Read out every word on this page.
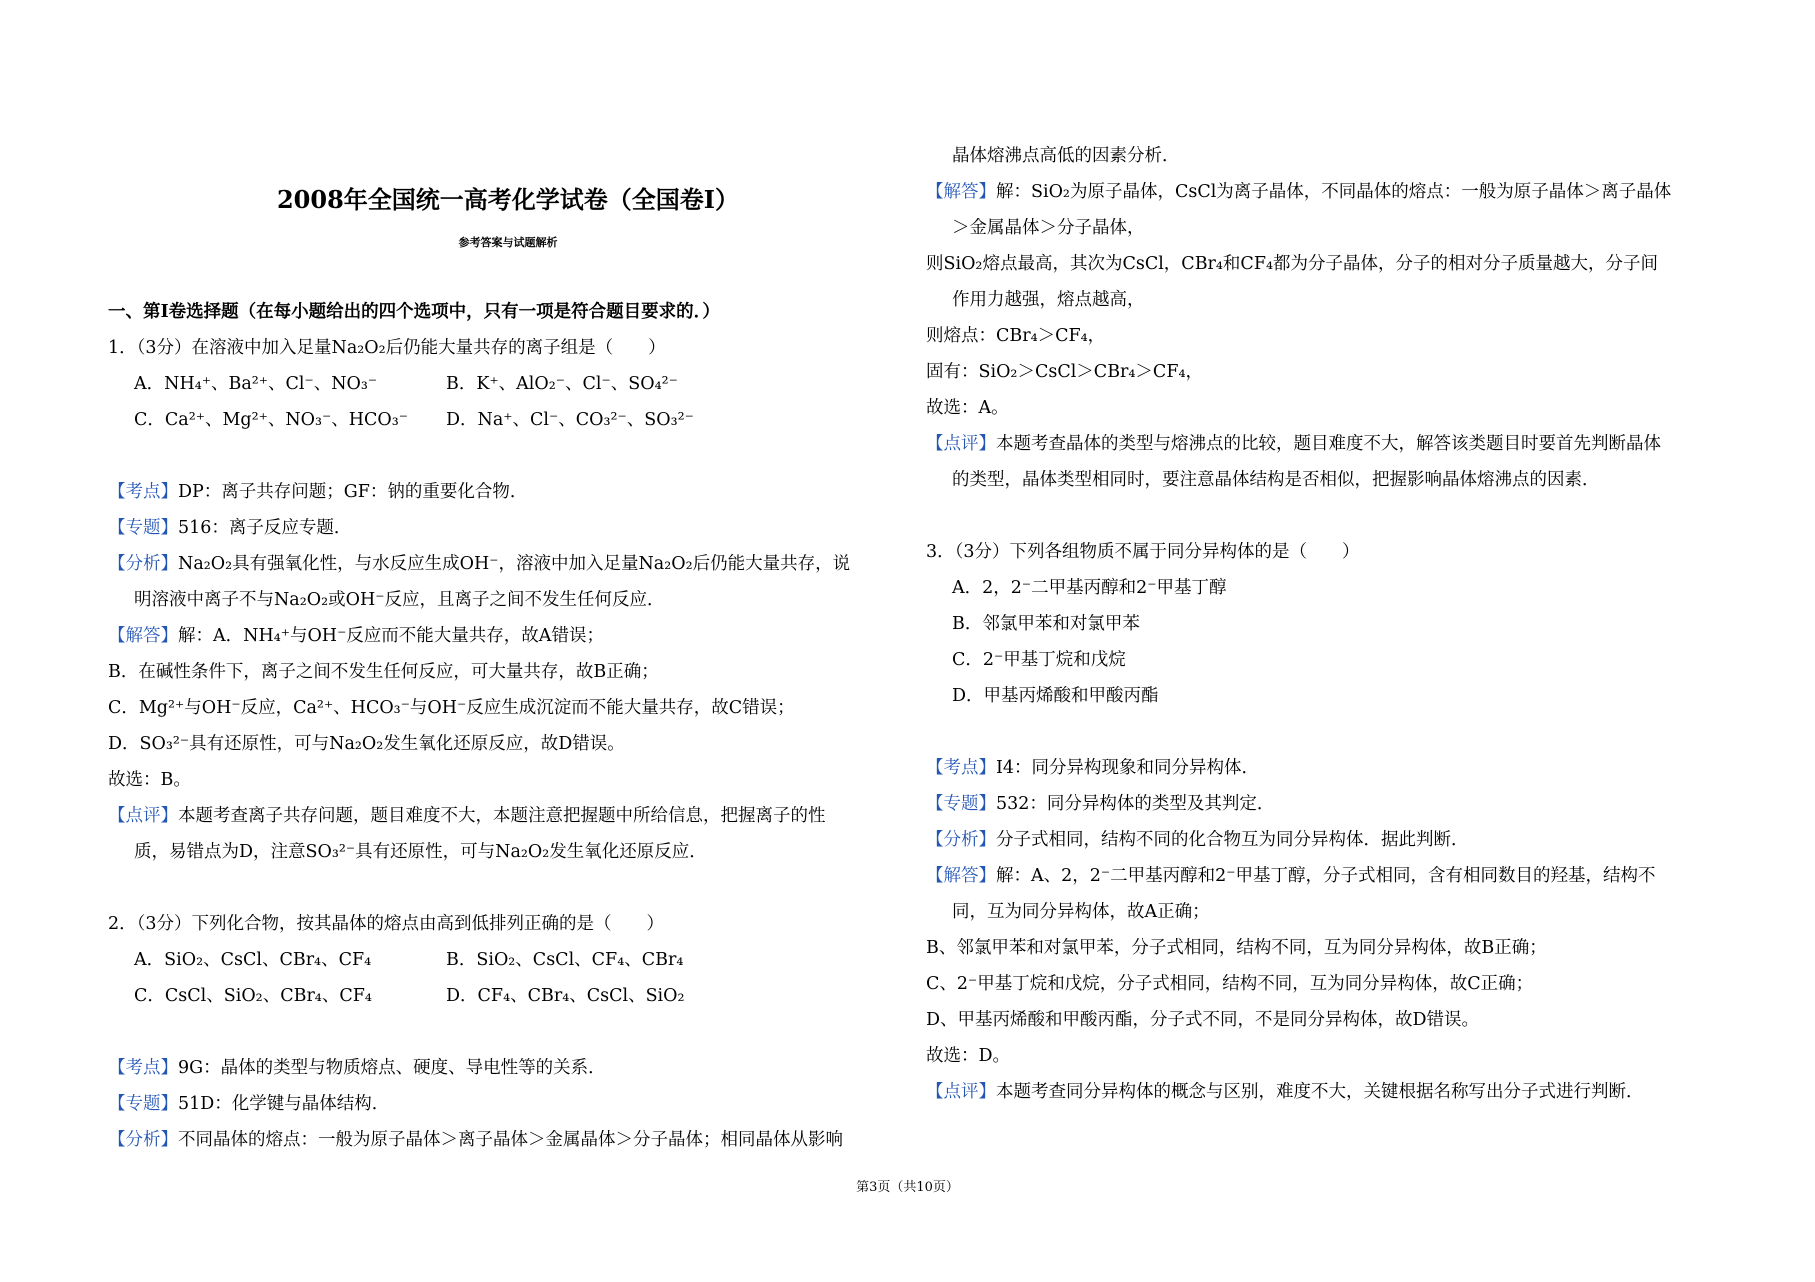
2008年全国统一高考化学试卷（全国卷I）
参考答案与试题解析
一、第Ⅰ卷选择题（在每小题给出的四个选项中，只有一项是符合题目要求的．）
1．（3分）在溶液中加入足量Na₂O₂后仍能大量共存的离子组是（　　）
A．NH₄⁺、Ba²⁺、Cl⁻、NO₃⁻	B．K⁺、AlO₂⁻、Cl⁻、SO₄²⁻
C．Ca²⁺、Mg²⁺、NO₃⁻、HCO₃⁻ D．Na⁺、Cl⁻、CO₃²⁻、SO₃²⁻
【考点】DP：离子共存问题；GF：钠的重要化合物．
【专题】516：离子反应专题．
【分析】Na₂O₂具有强氧化性，与水反应生成OH⁻，溶液中加入足量Na₂O₂后仍能大量共存，说
明溶液中离子不与Na₂O₂或OH⁻反应，且离子之间不发生任何反应．
【解答】解：A．NH₄⁺与OH⁻反应而不能大量共存，故A错误；
B．在碱性条件下，离子之间不发生任何反应，可大量共存，故B正确；
C．Mg²⁺与OH⁻反应，Ca²⁺、HCO₃⁻与OH⁻反应生成沉淀而不能大量共存，故C错误；
D．SO₃²⁻具有还原性，可与Na₂O₂发生氧化还原反应，故D错误。
故选：B。
【点评】本题考查离子共存问题，题目难度不大，本题注意把握题中所给信息，把握离子的性
质，易错点为D，注意SO₃²⁻具有还原性，可与Na₂O₂发生氧化还原反应．
2．（3分）下列化合物，按其晶体的熔点由高到低排列正确的是（　　）
A．SiO₂、CsCl、CBr₄、CF₄	B．SiO₂、CsCl、CF₄、CBr₄
C．CsCl、SiO₂、CBr₄、CF₄	D．CF₄、CBr₄、CsCl、SiO₂
【考点】9G：晶体的类型与物质熔点、硬度、导电性等的关系．
【专题】51D：化学键与晶体结构．
【分析】不同晶体的熔点：一般为原子晶体＞离子晶体＞金属晶体＞分子晶体；相同晶体从影响
晶体熔沸点高低的因素分析．
【解答】解：SiO₂为原子晶体，CsCl为离子晶体，不同晶体的熔点：一般为原子晶体＞离子晶体
＞金属晶体＞分子晶体，
则SiO₂熔点最高，其次为CsCl，CBr₄和CF₄都为分子晶体，分子的相对分子质量越大，分子间
作用力越强，熔点越高，
则熔点：CBr₄＞CF₄，
固有：SiO₂＞CsCl＞CBr₄＞CF₄，
故选：A。
【点评】本题考查晶体的类型与熔沸点的比较，题目难度不大，解答该类题目时要首先判断晶体
的类型，晶体类型相同时，要注意晶体结构是否相似，把握影响晶体熔沸点的因素．
3．（3分）下列各组物质不属于同分异构体的是（　　）
A．2，2⁻二甲基丙醇和2⁻甲基丁醇
B．邻氯甲苯和对氯甲苯
C．2⁻甲基丁烷和戊烷
D．甲基丙烯酸和甲酸丙酯
【考点】I4：同分异构现象和同分异构体．
【专题】532：同分异构体的类型及其判定．
【分析】分子式相同，结构不同的化合物互为同分异构体．据此判断．
【解答】解：A、2，2⁻二甲基丙醇和2⁻甲基丁醇，分子式相同，含有相同数目的羟基，结构不
同，互为同分异构体，故A正确；
B、邻氯甲苯和对氯甲苯，分子式相同，结构不同，互为同分异构体，故B正确；
C、2⁻甲基丁烷和戊烷，分子式相同，结构不同，互为同分异构体，故C正确；
D、甲基丙烯酸和甲酸丙酯，分子式不同，不是同分异构体，故D错误。
故选：D。
【点评】本题考查同分异构体的概念与区别，难度不大，关键根据名称写出分子式进行判断．
第3页（共10页）
